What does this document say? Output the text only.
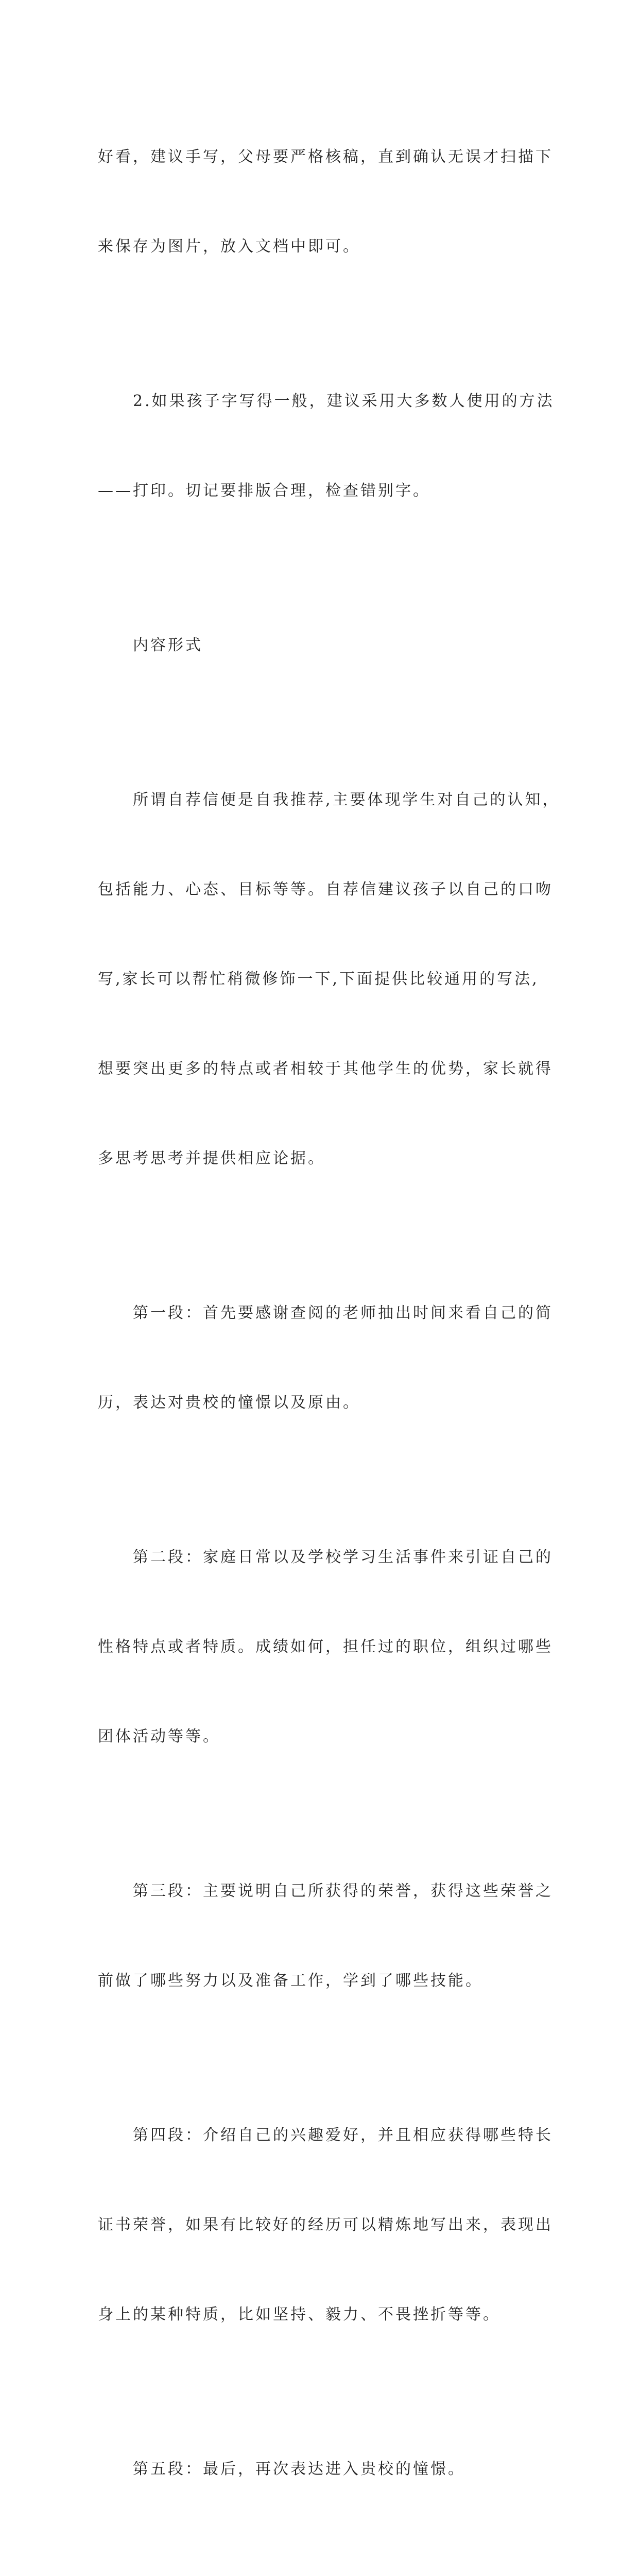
好看，建议手写，父母要严格核稿，直到确认无误才扫描下

来保存为图片，放入文档中即可。

2.如果孩子字写得一般，建议采用大多数人使用的方法

——打印。切记要排版合理，检查错别字。

内容形式

所谓自荐信便是自我推荐,主要体现学生对自己的认知，

包括能力、心态、目标等等。自荐信建议孩子以自己的口吻

写,家长可以帮忙稍微修饰一下,下面提供比较通用的写法,

想要突出更多的特点或者相较于其他学生的优势，家长就得

多思考思考并提供相应论据。

第一段：首先要感谢查阅的老师抽出时间来看自己的简

历，表达对贵校的憧憬以及原由。

第二段：家庭日常以及学校学习生活事件来引证自己的

性格特点或者特质。成绩如何，担任过的职位，组织过哪些

团体活动等等。

第三段：主要说明自己所获得的荣誉，获得这些荣誉之

前做了哪些努力以及准备工作，学到了哪些技能。

第四段：介绍自己的兴趣爱好，并且相应获得哪些特长

证书荣誉，如果有比较好的经历可以精炼地写出来，表现出

身上的某种特质，比如坚持、毅力、不畏挫折等等。

第五段：最后，再次表达进入贵校的憧憬。
